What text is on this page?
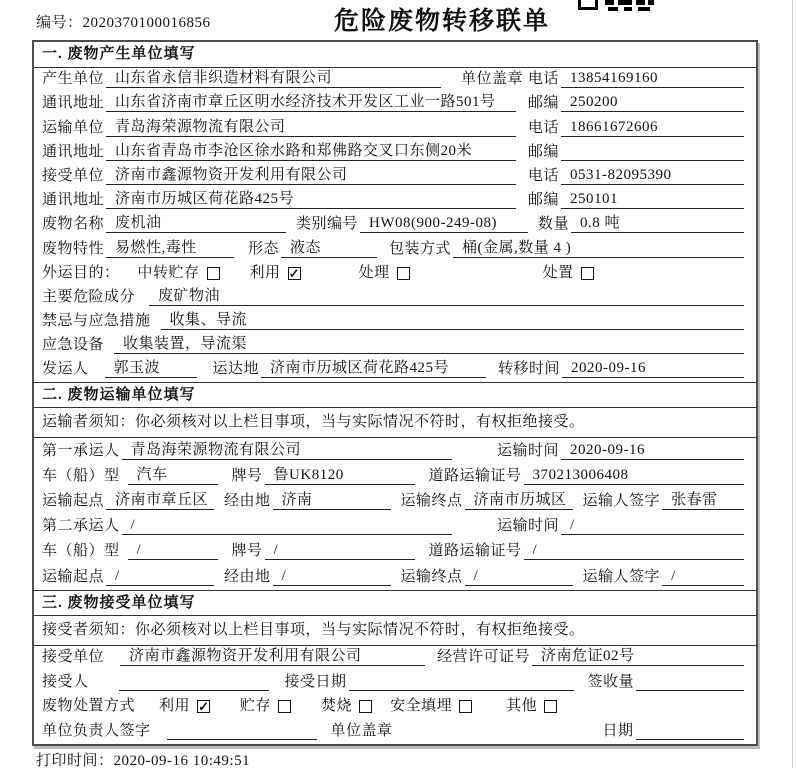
编号：2020370100016856	危险废物转移联单
一. 废物产生单位填写
产生单位 山东省永信非织造材料有限公司	单位盖章 电话 13854169160
通讯地址 山东省济南市章丘区明水经济技术开发区工业一路501号 邮编 250200
运输单位 青岛海荣源物流有限公司	电话 18661672606
通讯地址 山东省青岛市李沧区徐水路和郑佛路交叉口东侧20米	邮编
接受单位 济南市鑫源物资开发利用有限公司	电话 0531-82095390
通讯地址 济南市历城区荷花路425号	邮编 250101
废物名称 废机油	类别编号 HW08(900-249-08)	数量 0.8 吨
废物特性 易燃性,毒性	形态 液态	包装方式 桶(金属,数量 4 )
外运目的： 中转贮存	利用 ✓	处理	处置
主要危险成分	废矿物油
禁忌与应急措施	收集、导流
应急设备	收集装置，导流渠
发运人	郭玉波	运达地 济南市历城区荷花路425号	转移时间 2020-09-16
二. 废物运输单位填写
运输者须知：你必须核对以上栏目事项，当与实际情况不符时，有权拒绝接受。
第一承运人 青岛海荣源物流有限公司	运输时间 2020-09-16
车（船）型	汽车	牌号 鲁UK8120	道路运输证号 370213006408
运输起点 济南市章丘区 经由地 济南	运输终点 济南市历城区 运输人签字 张春雷
第二承运人 /	运输时间 /
车（船）型	/	牌号 /	道路运输证号 /
运输起点 /	经由地 /	运输终点 /	运输人签字 /
三. 废物接受单位填写
接受者须知：你必须核对以上栏目事项，当与实际情况不符时，有权拒绝接受。
接受单位	济南市鑫源物资开发利用有限公司	经营许可证号 济南危证02号
接受人	接受日期	签收量
废物处置方式 利用 ✓ 贮存	焚烧	安全填埋	其他
单位负责人签字	单位盖章	日期
打印时间：2020-09-16 10:49:51
